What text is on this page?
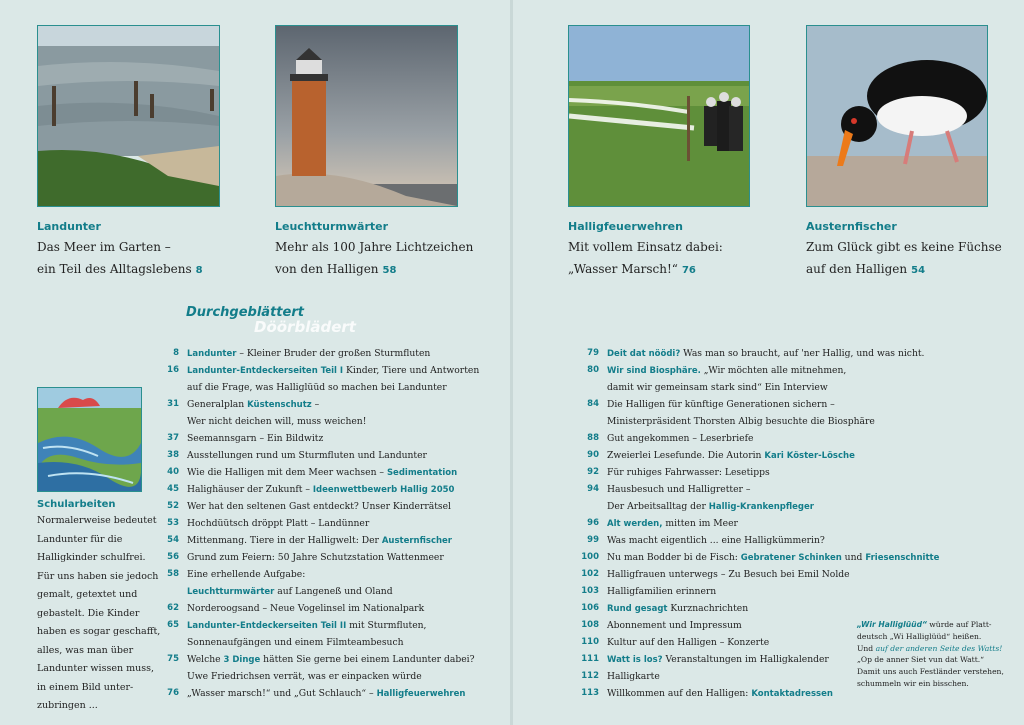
Landunter
Das Meer im Garten –
ein Teil des Alltagslebens 8
Leuchtturmwärter
Mehr als 100 Jahre Lichtzeichen
von den Halligen 58
Halligfeuerwehren
Mit vollem Einsatz dabei:
„Wasser Marsch!“ 76
Austernfischer
Zum Glück gibt es keine Füchse
auf den Halligen 54
Durchgeblättert
Döörblädert
8 Landunter – Kleiner Bruder der großen Sturmfluten
16 Landunter-Entdeckerseiten Teil I Kinder, Tiere und Antworten
auf die Frage, was Halliglüüd so machen bei Landunter
31 Generalplan Küstenschutz –
Wer nicht deichen will, muss weichen!
37 Seemannsgarn – Ein Bildwitz
38 Ausstellungen rund um Sturmfluten und Landunter
40 Wie die Halligen mit dem Meer wachsen – Sedimentation
45 Halighäuser der Zukunft – Ideenwettbewerb Hallig 2050
52 Wer hat den seltenen Gast entdeckt? Unser Kinderrätsel
53 Hochdüütsch dröppt Platt – Landünner
54 Mittenmang. Tiere in der Halligwelt: Der Austernfischer
56 Grund zum Feiern: 50 Jahre Schutzstation Wattenmeer
58 Eine erhellende Aufgabe:
Leuchtturmwärter auf Langeneß und Oland
62 Norderoogsand – Neue Vogelinsel im Nationalpark
65 Landunter-Entdeckerseiten Teil II mit Sturmfluten,
Sonnenaufgängen und einem Filmteambesuch
75 Welche 3 Dinge hätten Sie gerne bei einem Landunter dabei?
Uwe Friedrichsen verrät, was er einpacken würde
76 „Wasser marsch!“ und „Gut Schlauch“ – Halligfeuerwehren
79 Deit dat nöödi? Was man so braucht, auf 'ner Hallig, und was nicht.
80 Wir sind Biosphäre. „Wir möchten alle mitnehmen,
damit wir gemeinsam stark sind“ Ein Interview
84 Die Halligen für künftige Generationen sichern –
Ministerpräsident Thorsten Albig besuchte die Biosphäre
88 Gut angekommen – Leserbriefe
90 Zweierlei Lesefunde. Die Autorin Kari Köster-Lösche
92 Für ruhiges Fahrwasser: Lesetipps
94 Hausbesuch und Halligretter –
Der Arbeitsalltag der Hallig-Krankenpfleger
96 Alt werden, mitten im Meer
99 Was macht eigentlich ... eine Halligkümmerin?
100 Nu man Bodder bi de Fisch: Gebratener Schinken und Friesenschnitte
102 Halligfrauen unterwegs – Zu Besuch bei Emil Nolde
103 Halligfamilien erinnern
106 Rund gesagt Kurznachrichten
108 Abonnement und Impressum
110 Kultur auf den Halligen – Konzerte
111 Watt is los? Veranstaltungen im Halligkalender
112 Halligkarte
113 Willkommen auf den Halligen: Kontaktadressen
Schularbeiten
Normalerweise bedeutet
Landunter für die
Halligkinder schulfrei.
Für uns haben sie jedoch
gemalt, getextet und
gebastelt. Die Kinder
haben es sogar geschafft,
alles, was man über
Landunter wissen muss,
in einem Bild unter-
zubringen ...
„Wir Halliglüüd“ würde auf Platt-
deutsch „Wi Halliglüüd“ heißen.
Und auf der anderen Seite des Watts!
„Op de anner Siet vun dat Watt.“
Damit uns auch Festländer verstehen,
schummeln wir ein bisschen.
